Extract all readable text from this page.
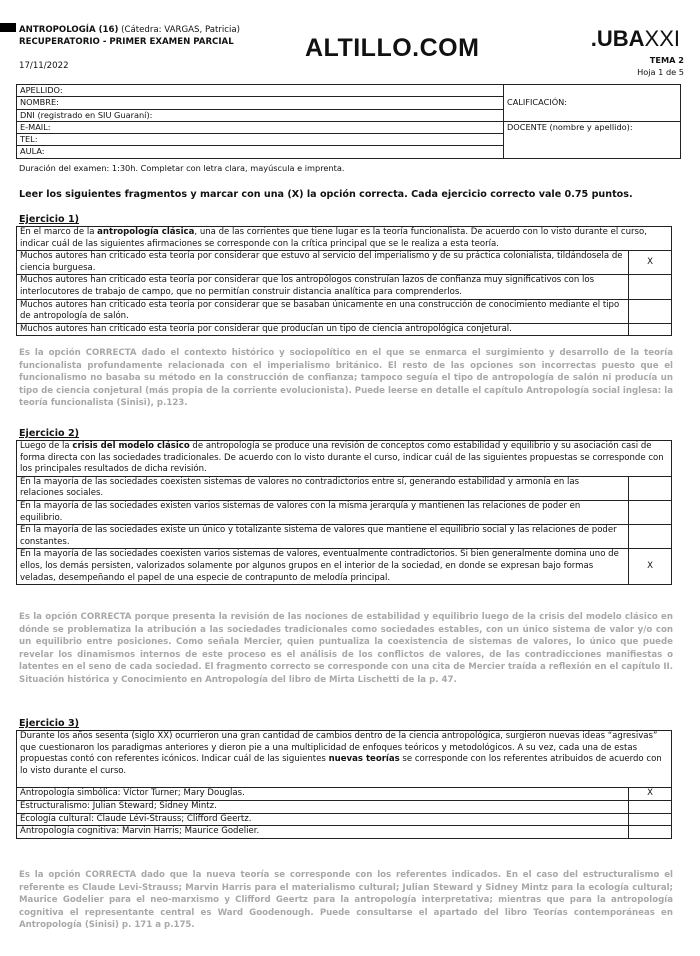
ANTROPOLOGÍA (16) (Cátedra: VARGAS, Patricia)
RECUPERATORIO - PRIMER EXAMEN PARCIAL
17/11/2022
ALTILLO.COM	.UBAXXI
TEMA 2
Hoja 1 de 5
APELLIDO:	CALIFICACIÓN:
NOMBRE:	
DNI (registrado en SIU Guaraní):	
E-MAIL:	DOCENTE (nombre y apellido):
TEL:	
AULA:	
Duración del examen: 1:30h. Completar con letra clara, mayúscula e imprenta.
Leer los siguientes fragmentos y marcar con una (X) la opción correcta. Cada ejercicio correcto vale 0.75 puntos.
Ejercicio 1)
En el marco de la antropología clásica, una de las corrientes que tiene lugar es la teoría funcionalista. De acuerdo con lo visto durante el curso, indicar cuál de las siguientes afirmaciones se corresponde con la crítica principal que se le realiza a esta teoría.	
Muchos autores han criticado esta teoría por considerar que estuvo al servicio del imperialismo y de su práctica colonialista, tildándosela de ciencia burguesa.	X
Muchos autores han criticado esta teoría por considerar que los antropólogos construían lazos de confianza muy significativos con los interlocutores de trabajo de campo, que no permitían construir distancia analítica para comprenderlos.	
Muchos autores han criticado esta teoría por considerar que se basaban únicamente en una construcción de conocimiento mediante el tipo de antropología de salón.	
Muchos autores han criticado esta teoría por considerar que producían un tipo de ciencia antropológica conjetural.	
Es la opción CORRECTA dado el contexto histórico y sociopolítico en el que se enmarca el surgimiento y desarrollo de la teoría funcionalista profundamente relacionada con el imperialismo británico. El resto de las opciones son incorrectas puesto que el funcionalismo no basaba su método en la construcción de confianza; tampoco seguía el tipo de antropología de salón ni producía un tipo de ciencia conjetural (más propia de la corriente evolucionista). Puede leerse en detalle el capítulo Antropología social inglesa: la teoría funcionalista (Sinisi), p.123.
Ejercicio 2)
Luego de la crisis del modelo clásico de antropología se produce una revisión de conceptos como estabilidad y equilibrio y su asociación casi de forma directa con las sociedades tradicionales. De acuerdo con lo visto durante el curso, indicar cuál de las siguientes propuestas se corresponde con los principales resultados de dicha revisión.	
En la mayoría de las sociedades coexisten sistemas de valores no contradictorios entre sí, generando estabilidad y armonía en las relaciones sociales.	
En la mayoría de las sociedades existen varios sistemas de valores con la misma jerarquía y mantienen las relaciones de poder en equilibrio.	
En la mayoría de las sociedades existe un único y totalizante sistema de valores que mantiene el equilibrio social y las relaciones de poder constantes.	
En la mayoría de las sociedades coexisten varios sistemas de valores, eventualmente contradictorios. Si bien generalmente domina uno de ellos, los demás persisten, valorizados solamente por algunos grupos en el interior de la sociedad, en donde se expresan bajo formas veladas, desempeñando el papel de una especie de contrapunto de melodía principal.	X
Es la opción CORRECTA porque presenta la revisión de las nociones de estabilidad y equilibrio luego de la crisis del modelo clásico en dónde se problematiza la atribución a las sociedades tradicionales como sociedades estables, con un único sistema de valor y/o con un equilibrio entre posiciones. Como señala Mercier, quien puntualiza la coexistencia de sistemas de valores, lo único que puede revelar los dinamismos internos de este proceso es el análisis de los conflictos de valores, de las contradicciones manifiestas o latentes en el seno de cada sociedad. El fragmento correcto se corresponde con una cita de Mercier traída a reflexión en el capítulo II. Situación histórica y Conocimiento en Antropología del libro de Mirta Lischetti de la p. 47.
Ejercicio 3)
Durante los años sesenta (siglo XX) ocurrieron una gran cantidad de cambios dentro de la ciencia antropológica, surgieron nuevas ideas “agresivas” que cuestionaron los paradigmas anteriores y dieron pie a una multiplicidad de enfoques teóricos y metodológicos. A su vez, cada una de estas propuestas contó con referentes icónicos. Indicar cuál de las siguientes nuevas teorías se corresponde con los referentes atribuidos de acuerdo con lo visto durante el curso.	
Antropología simbólica: Víctor Turner; Mary Douglas.	X
Estructuralismo: Julian Steward; Sidney Mintz.	
Ecología cultural: Claude Lévi-Strauss; Clifford Geertz.	
Antropología cognitiva: Marvin Harris; Maurice Godelier.	
Es la opción CORRECTA dado que la nueva teoría se corresponde con los referentes indicados. En el caso del estructuralismo el referente es Claude Levi-Strauss; Marvin Harris para el materialismo cultural; Julian Steward y Sidney Mintz para la ecología cultural; Maurice Godelier para el neo-marxismo y Clifford Geertz para la antropología interpretativa; mientras que para la antropología cognitiva el representante central es Ward Goodenough. Puede consultarse el apartado del libro Teorías contemporáneas en Antropología (Sinisi) p. 171 a p.175.
